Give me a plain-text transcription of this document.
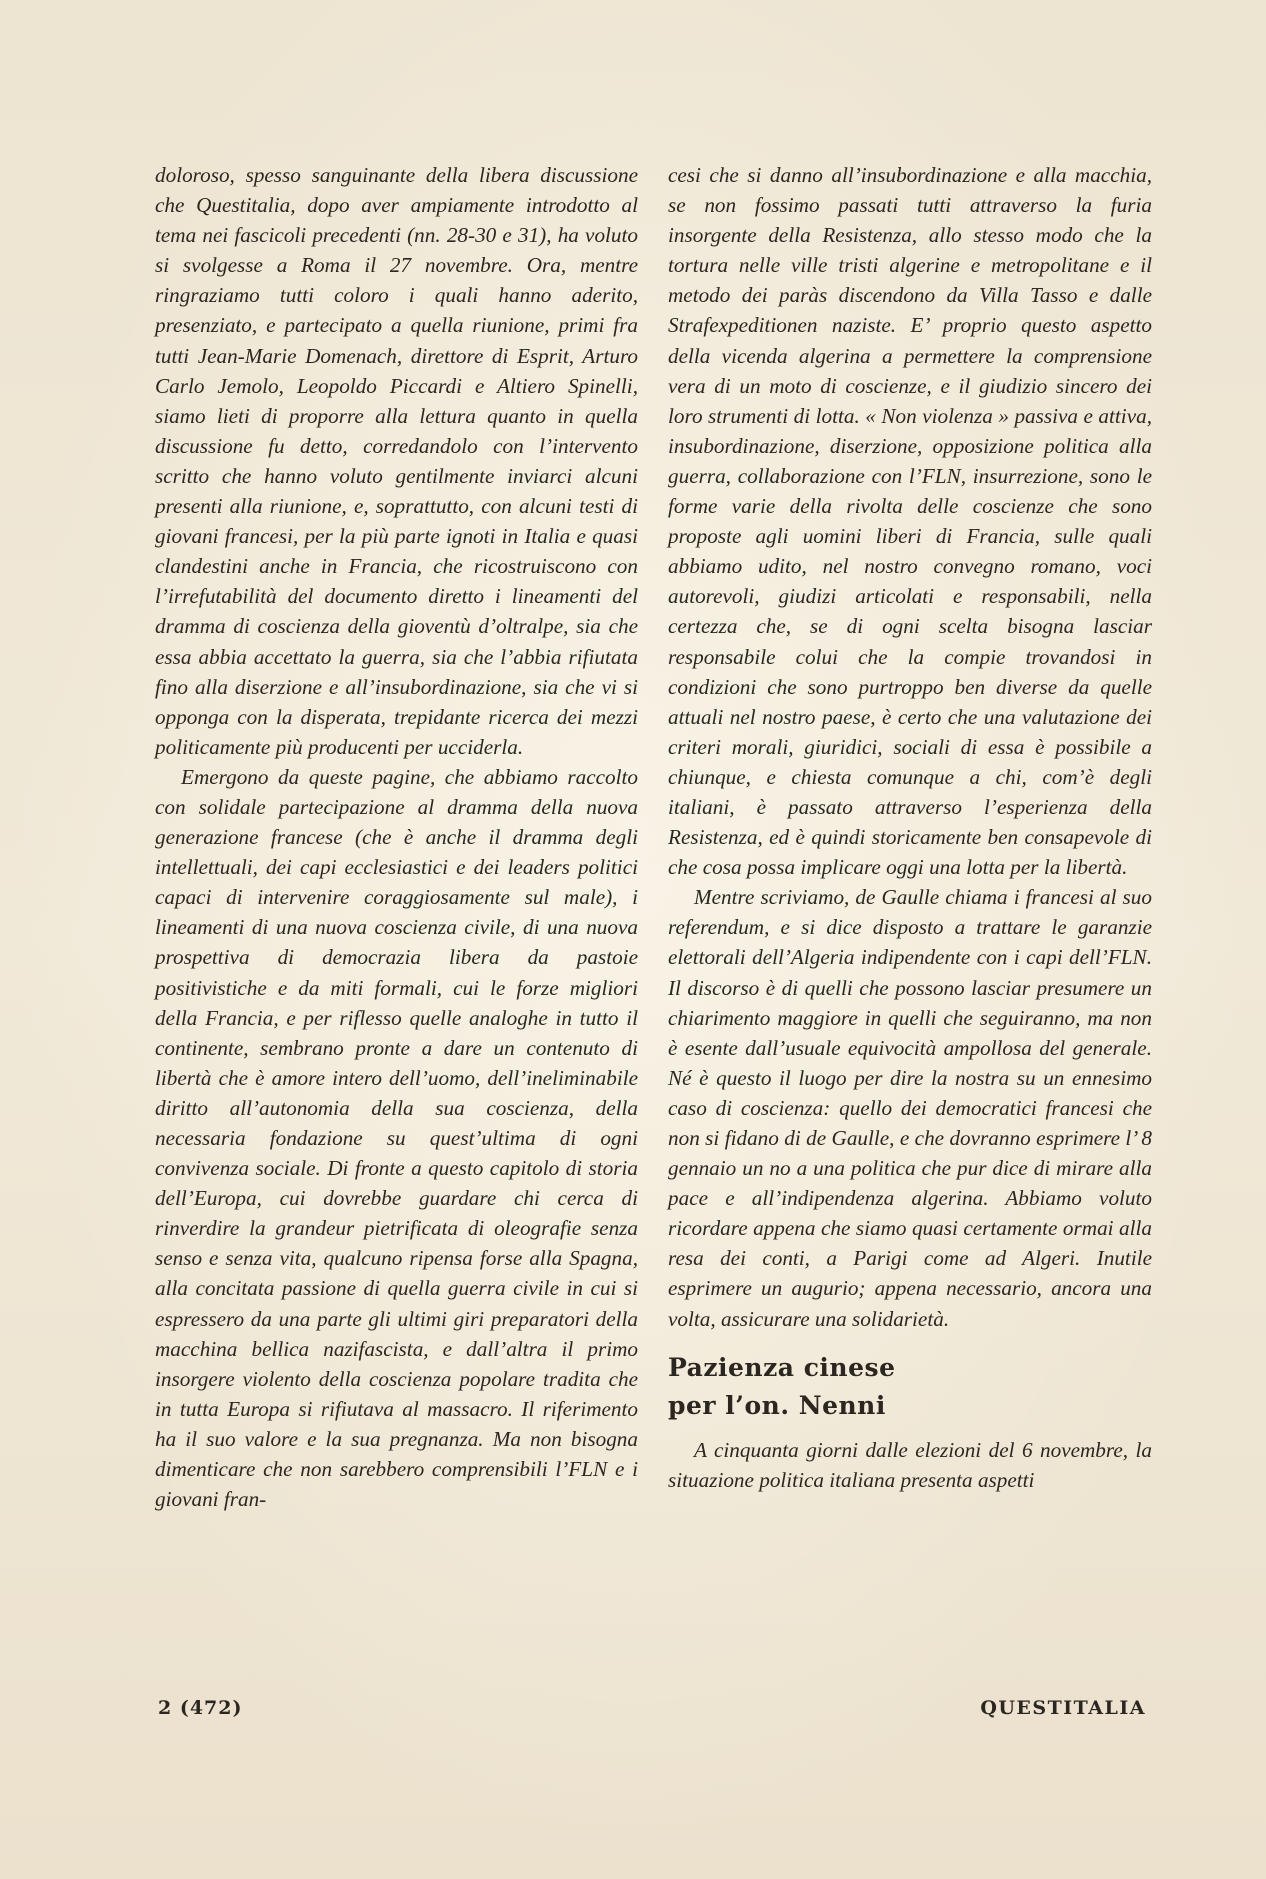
doloroso, spesso sanguinante della libera discussione che Questitalia, dopo aver ampiamente introdotto al tema nei fascicoli precedenti (nn. 28-30 e 31), ha voluto si svolgesse a Roma il 27 novembre. Ora, mentre ringraziamo tutti coloro i quali hanno aderito, presenziato, e partecipato a quella riunione, primi fra tutti Jean-Marie Domenach, direttore di Esprit, Arturo Carlo Jemolo, Leopoldo Piccardi e Altiero Spinelli, siamo lieti di proporre alla lettura quanto in quella discussione fu detto, corredandolo con l’intervento scritto che hanno voluto gentilmente inviarci alcuni presenti alla riunione, e, soprattutto, con alcuni testi di giovani francesi, per la più parte ignoti in Italia e quasi clandestini anche in Francia, che ricostruiscono con l’irrefutabilità del documento diretto i lineamenti del dramma di coscienza della gioventù d’oltralpe, sia che essa abbia accettato la guerra, sia che l’abbia rifiutata fino alla diserzione e all’insubordinazione, sia che vi si opponga con la disperata, trepidante ricerca dei mezzi politicamente più producenti per ucciderla.

Emergono da queste pagine, che abbiamo raccolto con solidale partecipazione al dramma della nuova generazione francese (che è anche il dramma degli intellettuali, dei capi ecclesiastici e dei leaders politici capaci di intervenire coraggiosamente sul male), i lineamenti di una nuova coscienza civile, di una nuova prospettiva di democrazia libera da pastoie positivistiche e da miti formali, cui le forze migliori della Francia, e per riflesso quelle analoghe in tutto il continente, sembrano pronte a dare un contenuto di libertà che è amore intero dell’uomo, dell’ineliminabile diritto all’autonomia della sua coscienza, della necessaria fondazione su quest’ultima di ogni convivenza sociale. Di fronte a questo capitolo di storia dell’Europa, cui dovrebbe guardare chi cerca di rinverdire la grandeur pietrificata di oleografie senza senso e senza vita, qualcuno ripensa forse alla Spagna, alla concitata passione di quella guerra civile in cui si espressero da una parte gli ultimi giri preparatori della macchina bellica nazifascista, e dall’altra il primo insorgere violento della coscienza popolare tradita che in tutta Europa si rifiutava al massacro. Il riferimento ha il suo valore e la sua pregnanza. Ma non bisogna dimenticare che non sarebbero comprensibili l’FLN e i giovani fran-

cesi che si danno all’insubordinazione e alla macchia, se non fossimo passati tutti attraverso la furia insorgente della Resistenza, allo stesso modo che la tortura nelle ville tristi algerine e metropolitane e il metodo dei paràs discendono da Villa Tasso e dalle Strafexpeditionen naziste. E’ proprio questo aspetto della vicenda algerina a permettere la comprensione vera di un moto di coscienze, e il giudizio sincero dei loro strumenti di lotta. « Non violenza » passiva e attiva, insubordinazione, diserzione, opposizione politica alla guerra, collaborazione con l’FLN, insurrezione, sono le forme varie della rivolta delle coscienze che sono proposte agli uomini liberi di Francia, sulle quali abbiamo udito, nel nostro convegno romano, voci autorevoli, giudizi articolati e responsabili, nella certezza che, se di ogni scelta bisogna lasciar responsabile colui che la compie trovandosi in condizioni che sono purtroppo ben diverse da quelle attuali nel nostro paese, è certo che una valutazione dei criteri morali, giuridici, sociali di essa è possibile a chiunque, e chiesta comunque a chi, com’è degli italiani, è passato attraverso l’esperienza della Resistenza, ed è quindi storicamente ben consapevole di che cosa possa implicare oggi una lotta per la libertà.

Mentre scriviamo, de Gaulle chiama i francesi al suo referendum, e si dice disposto a trattare le garanzie elettorali dell’Algeria indipendente con i capi dell’FLN. Il discorso è di quelli che possono lasciar presumere un chiarimento maggiore in quelli che seguiranno, ma non è esente dall’usuale equivocità ampollosa del generale. Né è questo il luogo per dire la nostra su un ennesimo caso di coscienza: quello dei democratici francesi che non si fidano di de Gaulle, e che dovranno esprimere l’ 8 gennaio un no a una politica che pur dice di mirare alla pace e all’indipendenza algerina. Abbiamo voluto ricordare appena che siamo quasi certamente ormai alla resa dei conti, a Parigi come ad Algeri. Inutile esprimere un augurio; appena necessario, ancora una volta, assicurare una solidarietà.

Pazienza cinese
per l’on. Nenni

A cinquanta giorni dalle elezioni del 6 novembre, la situazione politica italiana presenta aspetti

2 (472)	QUESTITALIA
